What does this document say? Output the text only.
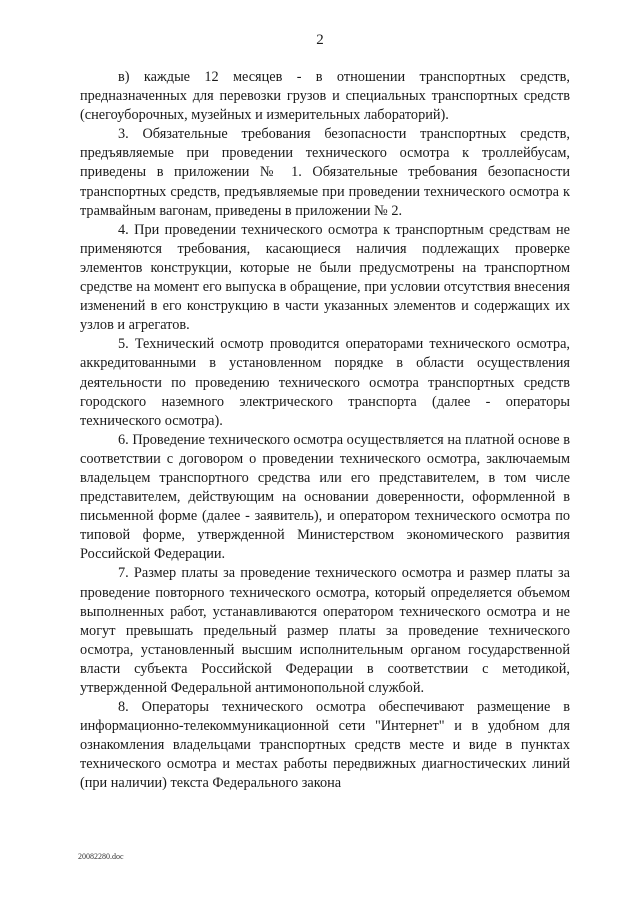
2

в) каждые 12 месяцев - в отношении транспортных средств, предназначенных для перевозки грузов и специальных транспортных средств (снегоуборочных, музейных и измерительных лабораторий).

3. Обязательные требования безопасности транспортных средств, предъявляемые при проведении технического осмотра к троллейбусам, приведены в приложении № 1. Обязательные требования безопасности транспортных средств, предъявляемые при проведении технического осмотра к трамвайным вагонам, приведены в приложении № 2.

4. При проведении технического осмотра к транспортным средствам не применяются требования, касающиеся наличия подлежащих проверке элементов конструкции, которые не были предусмотрены на транспортном средстве на момент его выпуска в обращение, при условии отсутствия внесения изменений в его конструкцию в части указанных элементов и содержащих их узлов и агрегатов.

5. Технический осмотр проводится операторами технического осмотра, аккредитованными в установленном порядке в области осуществления деятельности по проведению технического осмотра транспортных средств городского наземного электрического транспорта (далее - операторы технического осмотра).

6. Проведение технического осмотра осуществляется на платной основе в соответствии с договором о проведении технического осмотра, заключаемым владельцем транспортного средства или его представителем, в том числе представителем, действующим на основании доверенности, оформленной в письменной форме (далее - заявитель), и оператором технического осмотра по типовой форме, утвержденной Министерством экономического развития Российской Федерации.

7. Размер платы за проведение технического осмотра и размер платы за проведение повторного технического осмотра, который определяется объемом выполненных работ, устанавливаются оператором технического осмотра и не могут превышать предельный размер платы за проведение технического осмотра, установленный высшим исполнительным органом государственной власти субъекта Российской Федерации в соответствии с методикой, утвержденной Федеральной антимонопольной службой.

8. Операторы технического осмотра обеспечивают размещение в информационно-телекоммуникационной сети "Интернет" и в удобном для ознакомления владельцами транспортных средств месте и виде в пунктах технического осмотра и местах работы передвижных диагностических линий (при наличии) текста Федерального закона

20082280.doc
